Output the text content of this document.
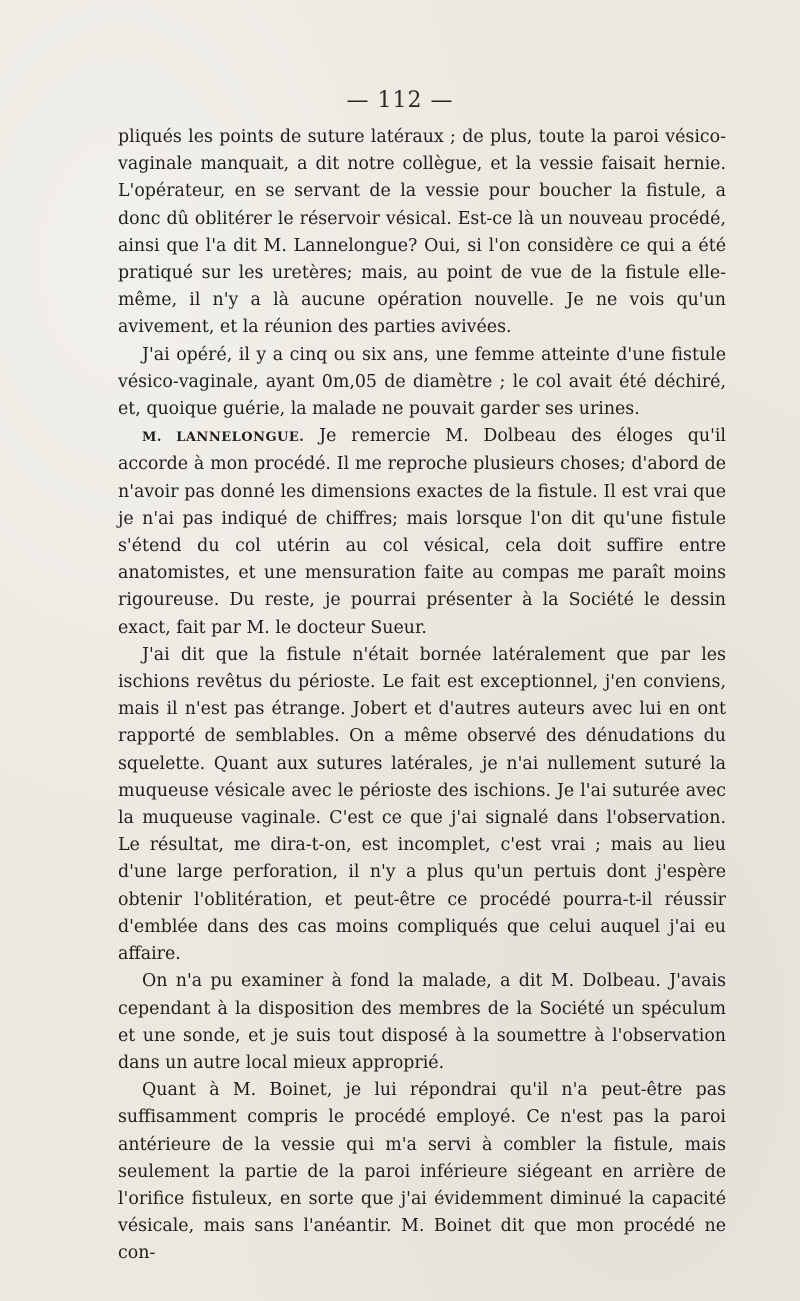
— 112 —

pliqués les points de suture latéraux ; de plus, toute la paroi vésico-vaginale manquait, a dit notre collègue, et la vessie faisait hernie. L'opérateur, en se servant de la vessie pour boucher la fistule, a donc dû oblitérer le réservoir vésical. Est-ce là un nouveau procédé, ainsi que l'a dit M. Lannelongue? Oui, si l'on considère ce qui a été pratiqué sur les uretères; mais, au point de vue de la fistule elle-même, il n'y a là aucune opération nouvelle. Je ne vois qu'un avivement, et la réunion des parties avivées.

J'ai opéré, il y a cinq ou six ans, une femme atteinte d'une fistule vésico-vaginale, ayant 0m,05 de diamètre ; le col avait été déchiré, et, quoique guérie, la malade ne pouvait garder ses urines.

M. LANNELONGUE. Je remercie M. Dolbeau des éloges qu'il accorde à mon procédé. Il me reproche plusieurs choses; d'abord de n'avoir pas donné les dimensions exactes de la fistule. Il est vrai que je n'ai pas indiqué de chiffres; mais lorsque l'on dit qu'une fistule s'étend du col utérin au col vésical, cela doit suffire entre anatomistes, et une mensuration faite au compas me paraît moins rigoureuse. Du reste, je pourrai présenter à la Société le dessin exact, fait par M. le docteur Sueur.

J'ai dit que la fistule n'était bornée latéralement que par les ischions revêtus du périoste. Le fait est exceptionnel, j'en conviens, mais il n'est pas étrange. Jobert et d'autres auteurs avec lui en ont rapporté de semblables. On a même observé des dénudations du squelette. Quant aux sutures latérales, je n'ai nullement suturé la muqueuse vésicale avec le périoste des ischions. Je l'ai suturée avec la muqueuse vaginale. C'est ce que j'ai signalé dans l'observation. Le résultat, me dira-t-on, est incomplet, c'est vrai ; mais au lieu d'une large perforation, il n'y a plus qu'un pertuis dont j'espère obtenir l'oblitération, et peut-être ce procédé pourra-t-il réussir d'emblée dans des cas moins compliqués que celui auquel j'ai eu affaire.

On n'a pu examiner à fond la malade, a dit M. Dolbeau. J'avais cependant à la disposition des membres de la Société un spéculum et une sonde, et je suis tout disposé à la soumettre à l'observation dans un autre local mieux approprié.

Quant à M. Boinet, je lui répondrai qu'il n'a peut-être pas suffisamment compris le procédé employé. Ce n'est pas la paroi antérieure de la vessie qui m'a servi à combler la fistule, mais seulement la partie de la paroi inférieure siégeant en arrière de l'orifice fistuleux, en sorte que j'ai évidemment diminué la capacité vésicale, mais sans l'anéantir. M. Boinet dit que mon procédé ne con-
